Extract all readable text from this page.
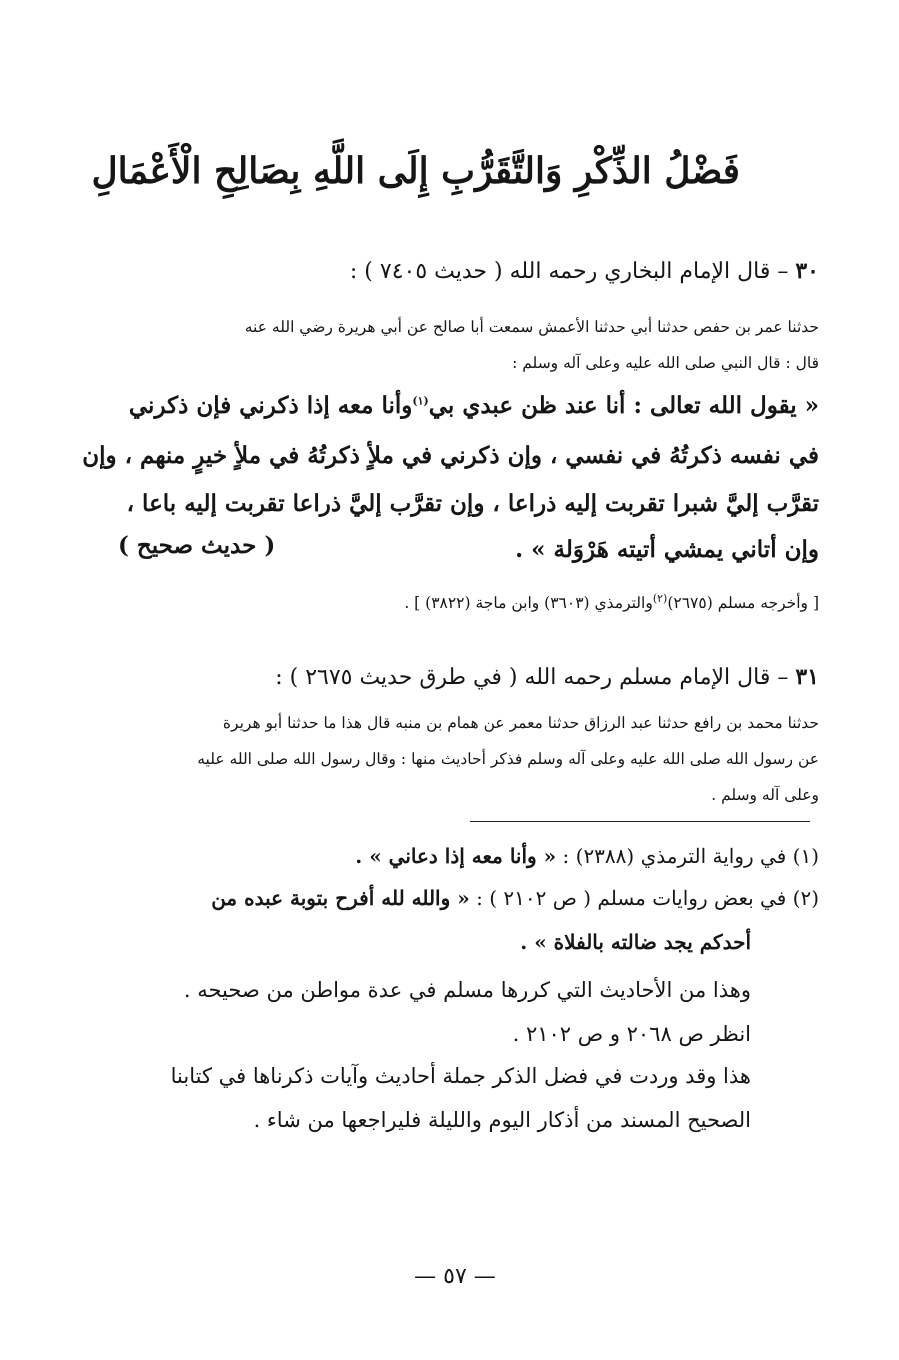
فَضْلُ الذِّكْرِ وَالتَّقَرُّبِ إِلَى اللَّهِ بِصَالِحِ الْأَعْمَالِ
٣٠ – قال الإمام البخاري رحمه الله ( حديث ٧٤٠٥ ) :
حدثنا عمر بن حفص حدثنا أبي حدثنا الأعمش سمعت أبا صالح عن أبي هريرة رضي الله عنه
قال : قال النبي صلى الله عليه وعلى آله وسلم :
« يقول الله تعالى : أنا عند ظن عبدي بي$^{(١)}$وأنا معه إذا ذكرني فإن ذكرني
في نفسه ذكرتُهُ في نفسي ، وإن ذكرني في ملأٍ ذكرتُهُ في ملأٍ خيرٍ منهم ، وإن
تقرَّب إليَّ شبرا تقربت إليه ذراعا ، وإن تقرَّب إليَّ ذراعا تقربت إليه باعا ،
وإن أتاني يمشي أتيته هَرْوَلة » .
( حديث صحيح )
[ وأخرجه مسلم (٢٦٧٥)$^{(٢)}$والترمذي (٣٦٠٣) وابن ماجة (٣٨٢٢) ] .
٣١ – قال الإمام مسلم رحمه الله ( في طرق حديث ٢٦٧٥ ) :
حدثنا محمد بن رافع حدثنا عبد الرزاق حدثنا معمر عن همام بن منبه قال هذا ما حدثنا أبو هريرة
عن رسول الله صلى الله عليه وعلى آله وسلم فذكر أحاديث منها : وقال رسول الله صلى الله عليه
وعلى آله وسلم .
(١) في رواية الترمذي (٢٣٨٨) : « وأنا معه إذا دعاني » .
(٢) في بعض روايات مسلم ( ص ٢١٠٢ ) : « والله لله أفرح بتوبة عبده من
أحدكم يجد ضالته بالفلاة » .
وهذا من الأحاديث التي كررها مسلم في عدة مواطن من صحيحه .
انظر ص ٢٠٦٨ و ص ٢١٠٢ .
هذا وقد وردت في فضل الذكر جملة أحاديث وآيات ذكرناها في كتابنا
الصحيح المسند من أذكار اليوم والليلة فليراجعها من شاء .
— ٥٧ —
